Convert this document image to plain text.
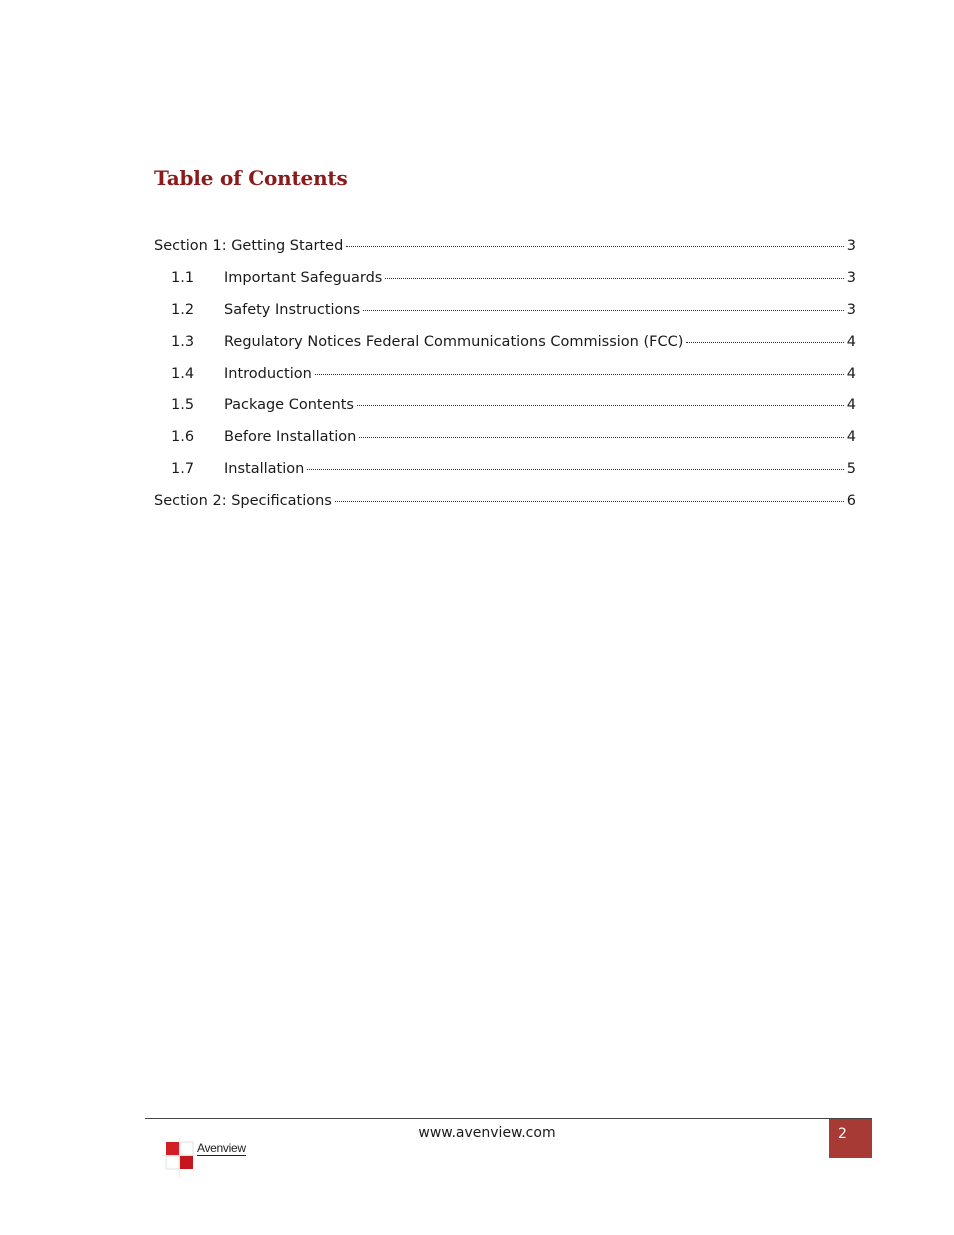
Table of Contents
Section 1: Getting Started	3
1.1	Important Safeguards	3
1.2	Safety Instructions	3
1.3	Regulatory Notices Federal Communications Commission (FCC)	4
1.4	Introduction	4
1.5	Package Contents	4
1.6	Before Installation	4
1.7	Installation	5
Section 2: Specifications	6
Avenview
www.avenview.com	2
